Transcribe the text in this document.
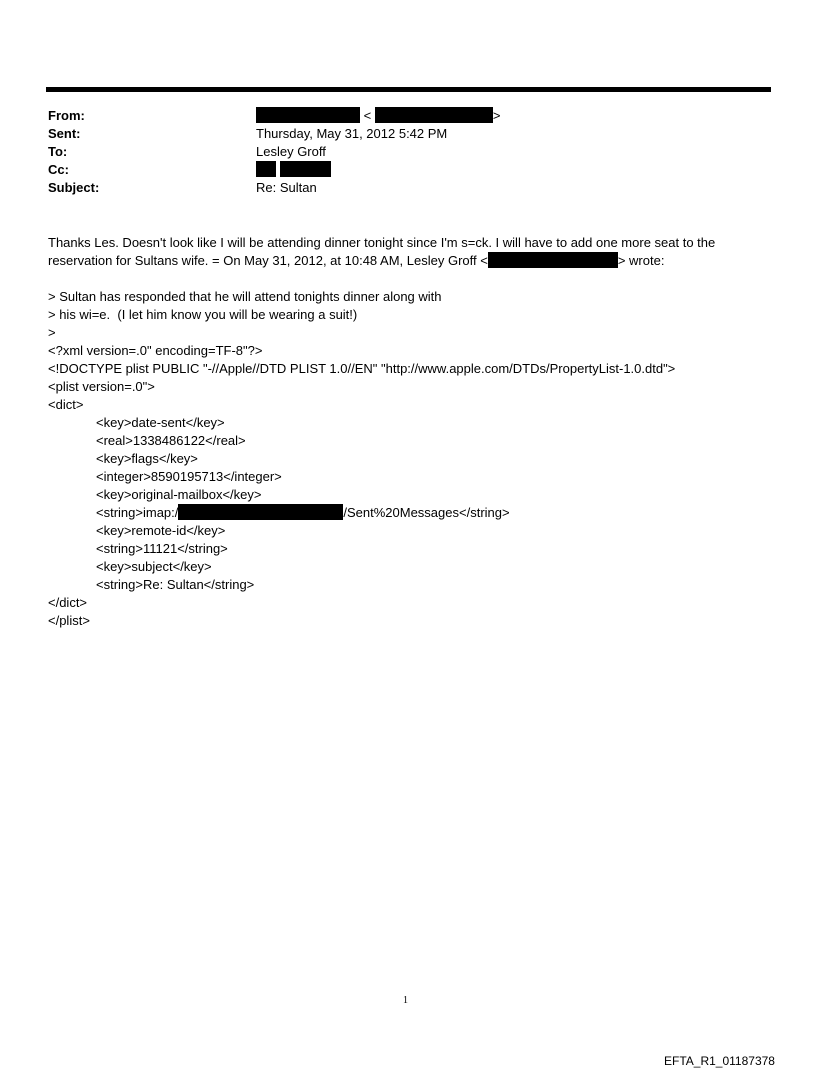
From:	<	>
Sent:	Thursday, May 31, 2012 5:42 PM
To:	Lesley Groff
Cc:

Subject:	Re: Sultan
Thanks Les. Doesn't look like I will be attending dinner tonight since I'm s=ck. I will have to add one more seat to the
reservation for Sultans wife. = On May 31, 2012, at 10:48 AM, Lesley Groff <	> wrote:
> Sultan has responded that he will attend tonights dinner along with
> his wi=e.  (I let him know you will be wearing a suit!)
>
<?xml version=.0" encoding=TF-8"?>
<!DOCTYPE plist PUBLIC "-//Apple//DTD PLIST 1.0//EN" "http://www.apple.com/DTDs/PropertyList-1.0.dtd">
<plist version=.0">
<dict>
<key>date-sent</key>
<real>1338486122</real>
<key>flags</key>
<integer>8590195713</integer>
<key>original-mailbox</key>
<string>imap:/	/Sent%20Messages</string>
<key>remote-id</key>
<string>11121</string>
<key>subject</key>
<string>Re: Sultan</string>
</dict>
</plist>
1
EFTA_R1_01187378
